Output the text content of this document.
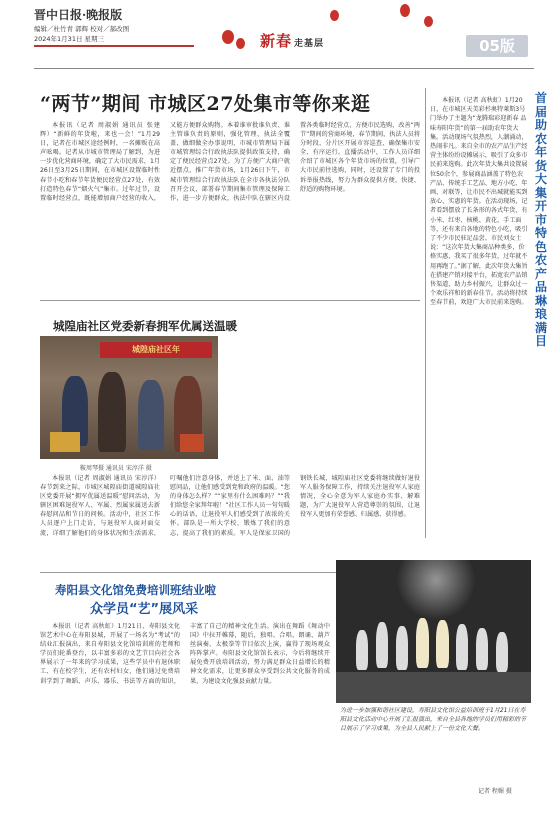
晋中日报·晚报版
编辑／杜竹青 郭辉 校对／郝改图
2024年1月31日 星期三	新春 走基层	05版
“两节”期间 市城区27处集市等你来逛
本报讯（记者 周淑娟 通讯员 张建辉）“新鲜的年货啦，来也一会！”1月29日，记者在市城区途经例时，一名摊贩在高声吆喝。记者从市城市管理局了解到，为进一步优化营商环境，确定了大市民需求，1月26日至3月25日期间，在市城区设置临时性春节小吃和春节年货便民经营点27处，有效打造特色春节“烟火气”集市。过年过节，设置临时经营点，既能增加商户经营的收入，又能方便群众购物。本着谁审批谁负责、谁主管谁负责的原则，强化管理，执法全覆盖，做细做全办事说明，市城市管理局下属市城管理综合行政执法队提供政策支持，确定了便民经营点27处。为了方便广大商户就近摆点，推广年货市场，1月26日下午，市城市管理综合行政执法队在全市各执法分队召开会议，部署春节期间集市管理及保障工作，进一步方便群众，执法中队在辖区内设置各类临时经营点，方便市民选购，改善“两节”期间的营商环境，春节期间，执法人员将分时段、分片区开展市容巡查，确保集市安全、有序运行。直播活动中，工作人员详细介绍了市城区各个年货市场的位置，引导广大市民前往选购，同时，还设置了专门的投诉举报热线，努力为群众提供方便、快捷、舒适的购物环境。
本报讯（记者 高秋虹）1月20日，在市城区天美彩杉奥特莱斯3号门举办了主题为“龙腾瑞彩迎新春 品味寿阳年货”的第一届助农年货大集。活动现场气氛热烈，人潮涌动，热闹非凡。来自全市的农产品生产经营主体纷纷设摊展示，吸引了众多市民前来选购。此次年货大集共设置展位50余个，参展商品涵盖了特色农产品、传统手工艺品、地方小吃、年画、对联等，让市民不出城就能买到放心、实惠的年货。在活动现场，记者看到摆放了长条形的各式年货，有小米、红枣、核桃、黄花、手工面等，还有来自各地的特色小吃，吸引了不少市民驻足品尝。市民刘女士说：“这次年货大集商品种类多，价格实惠，我买了很多年货，过年就不用再跑了。”据了解，此次年货大集旨在搭建产销对接平台，拓宽农产品销售渠道，助力乡村振兴，让群众过一个欢乐祥和的新春佳节。活动将持续至春节前，欢迎广大市民前来选购。
首届助农年货大集开市 特色农产品琳琅满目
城隍庙社区党委新春拥军优属送温暖
城隍庙社区年
鞍周琴摄 通讯员 宋淳洋 摄
本报讯（记者 周淑娟 通讯员 宋淳洋）春节到来之际，市城区城隍庙街道城隍庙社区党委开展“拥军优属送温暖”慰问活动，为辖区困难退役军人、军属、烈属家属送去新春慰问品和节日的问候。活动中，社区工作人员逐户上门走访，与退役军人面对面交流，详细了解他们的身体状况和生活需求，叮嘱他们注意身体，并送上了米、面、油等慰问品，让他们感受到党和政府的温暖。“您的身体怎么样？”“家里有什么困难吗？”“我们给您全家拜年啦！”社区工作人员一句句暖心的话语，让退役军人们感受到了浓浓的关怀。部队是一所大学校，锻炼了我们的意志，提高了我们的素质。军人是保家卫国的钢铁长城，城隍庙社区党委将继续做好退役军人服务保障工作，持续关注退役军人家庭情况，全心全意为军人家庭办实事、解难题，为广大退役军人营造尊崇的氛围，让退役军人更加有荣誉感、归属感、获得感。
寿阳县文化馆免费培训班结业啦
众学员“艺”展风采
本报讯（记者 高秋虹）1月21日，寿阳县文化馆艺术中心在寿阳县城，开展了一场名为“考试”的结业汇报演出，来自寿阳县文化馆培训班的老师和学员们轮番登台，以丰富多彩的文艺节目向社会各界展示了一年来的学习成果，这些学员中有退休职工、有在校学生，还有农村妇女，他们通过免费培训学到了舞蹈、声乐、器乐、书法等方面的知识，丰富了自己的精神文化生活。演出在舞蹈《舞动中国》中拉开帷幕，随后，独唱、合唱、朗诵、葫芦丝演奏、太极拳等节目依次上演，赢得了现场观众阵阵掌声。寿阳县文化馆馆长表示，今后将继续开展免费开放培训活动，努力满足群众日益增长的精神文化需求，让更多群众享受到公共文化服务的成果，为建设文化强县贡献力量。
为进一步加强和谐社区建设，寿阳县文化馆公益培训班于1月21日在寿阳县文化活动中心开展了汇报演出，来自全县各地的学员们用精彩的节目展示了学习成果，为全县人民献上了一份文化大餐。
记者 程媚 摄
